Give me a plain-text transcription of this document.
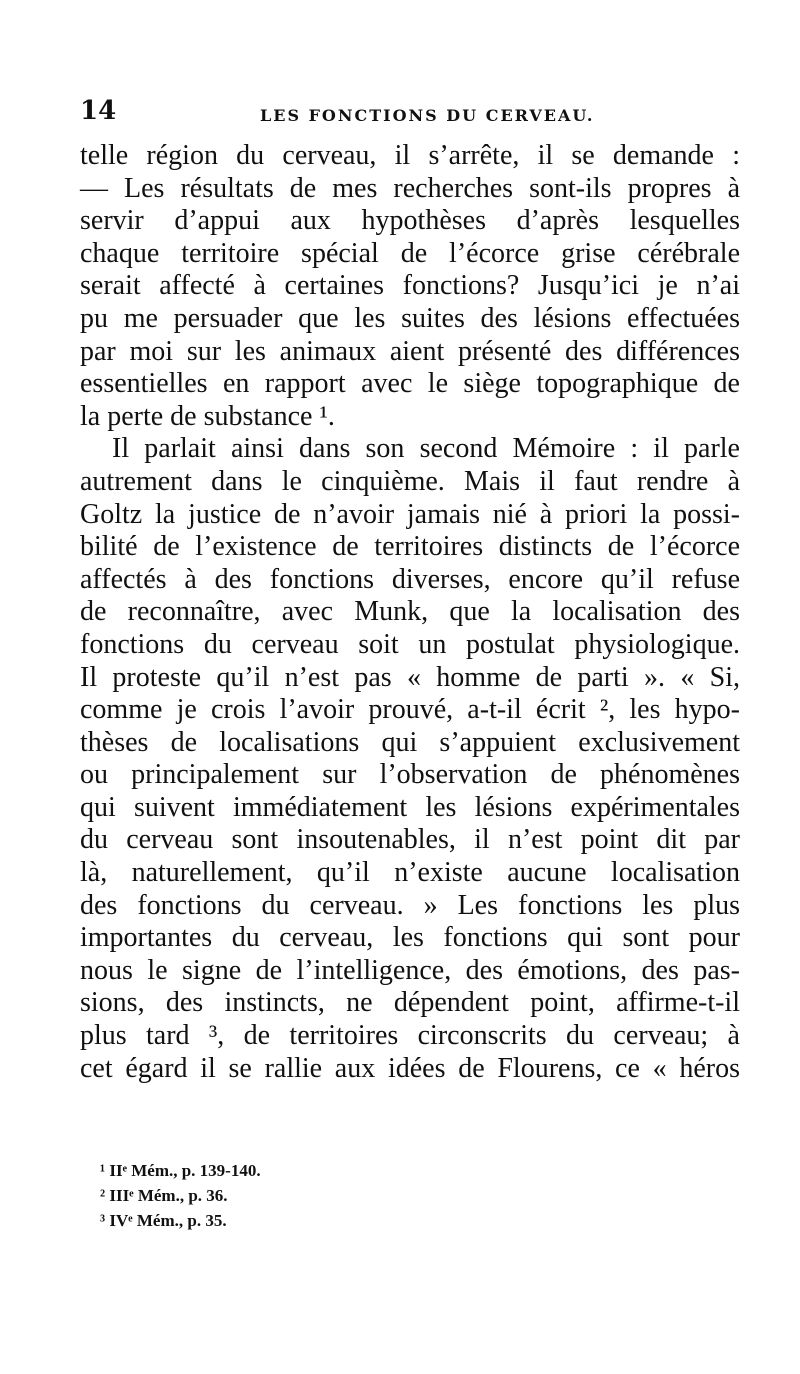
14	LES FONCTIONS DU CERVEAU.
telle région du cerveau, il s’arrête, il se demande :
— Les résultats de mes recherches sont-ils propres à
servir d’appui aux hypothèses d’après lesquelles
chaque territoire spécial de l’écorce grise cérébrale
serait affecté à certaines fonctions? Jusqu’ici je n’ai
pu me persuader que les suites des lésions effectuées
par moi sur les animaux aient présenté des différences
essentielles en rapport avec le siège topographique de
la perte de substance ¹.
Il parlait ainsi dans son second Mémoire : il parle
autrement dans le cinquième. Mais il faut rendre à
Goltz la justice de n’avoir jamais nié à priori la possi-
bilité de l’existence de territoires distincts de l’écorce
affectés à des fonctions diverses, encore qu’il refuse
de reconnaître, avec Munk, que la localisation des
fonctions du cerveau soit un postulat physiologique.
Il proteste qu’il n’est pas « homme de parti ». « Si,
comme je crois l’avoir prouvé, a-t-il écrit ², les hypo-
thèses de localisations qui s’appuient exclusivement
ou principalement sur l’observation de phénomènes
qui suivent immédiatement les lésions expérimentales
du cerveau sont insoutenables, il n’est point dit par
là, naturellement, qu’il n’existe aucune localisation
des fonctions du cerveau. » Les fonctions les plus
importantes du cerveau, les fonctions qui sont pour
nous le signe de l’intelligence, des émotions, des pas-
sions, des instincts, ne dépendent point, affirme-t-il
plus tard ³, de territoires circonscrits du cerveau; à
cet égard il se rallie aux idées de Flourens, ce « héros
¹ IIᵉ Mém., p. 139-140.
² IIIᵉ Mém., p. 36.
³ IVᵉ Mém., p. 35.
